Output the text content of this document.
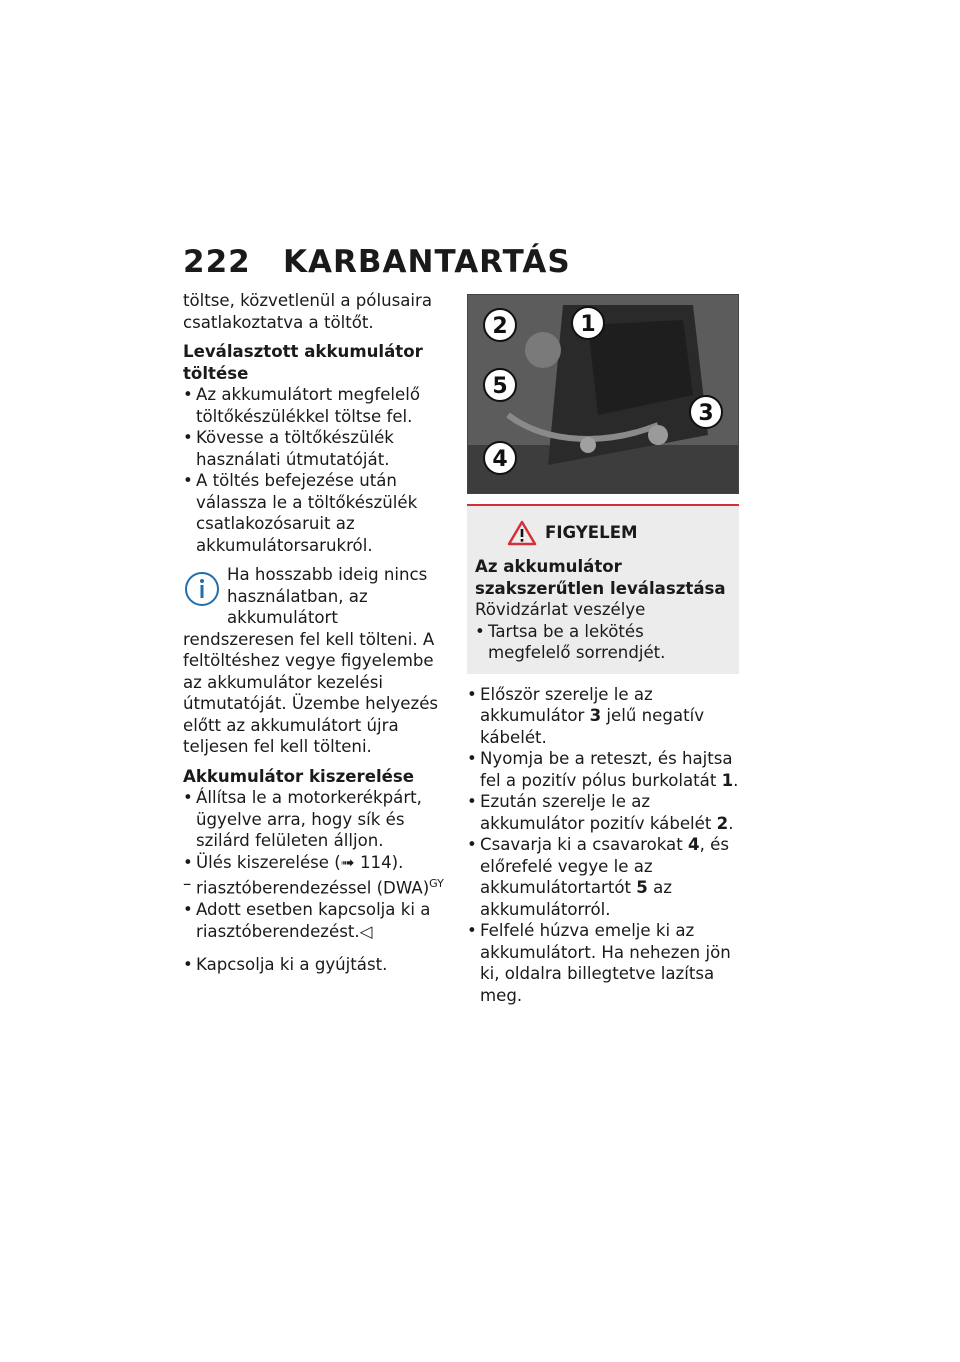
222 KARBANTARTÁS

töltse, közvetlenül a pólusaira csatlakoztatva a töltőt.

Leválasztott akkumulátor töltése
• Az akkumulátort megfelelő töltőkészülékkel töltse fel.
• Kövesse a töltőkészülék használati útmutatóját.
• A töltés befejezése után válassza le a töltőkészülék csatlakozósaruit az akkumulátorsarukról.
Ha hosszabb ideig nincs használatban, az akkumulátort rendszeresen fel kell tölteni. A feltöltéshez vegye figyelembe az akkumulátor kezelési útmutatóját. Üzembe helyezés előtt az akkumulátort újra teljesen fel kell tölteni.
Akkumulátor kiszerelése
• Állítsa le a motorkerékpárt, ügyelve arra, hogy sík és szilárd felületen álljon.
• Ülés kiszerelése (➟ 114).
– riasztóberendezéssel (DWA)$^{GY}$
• Adott esetben kapcsolja ki a riasztóberendezést.◁
• Kapcsolja ki a gyújtást.
2	1
5
3
4
FIGYELEM
Az akkumulátor szakszerűtlen leválasztása
Rövidzárlat veszélye
• Tartsa be a lekötés megfelelő sorrendjét.
• Először szerelje le az akkumulátor 3 jelű negatív kábelét.
• Nyomja be a reteszt, és hajtsa fel a pozitív pólus burkolatát 1.
• Ezután szerelje le az akkumulátor pozitív kábelét 2.
• Csavarja ki a csavarokat 4, és előrefelé vegye le az akkumulátortartót 5 az akkumulátorról.
• Felfelé húzva emelje ki az akkumulátort. Ha nehezen jön ki, oldalra billegtetve lazítsa meg.
